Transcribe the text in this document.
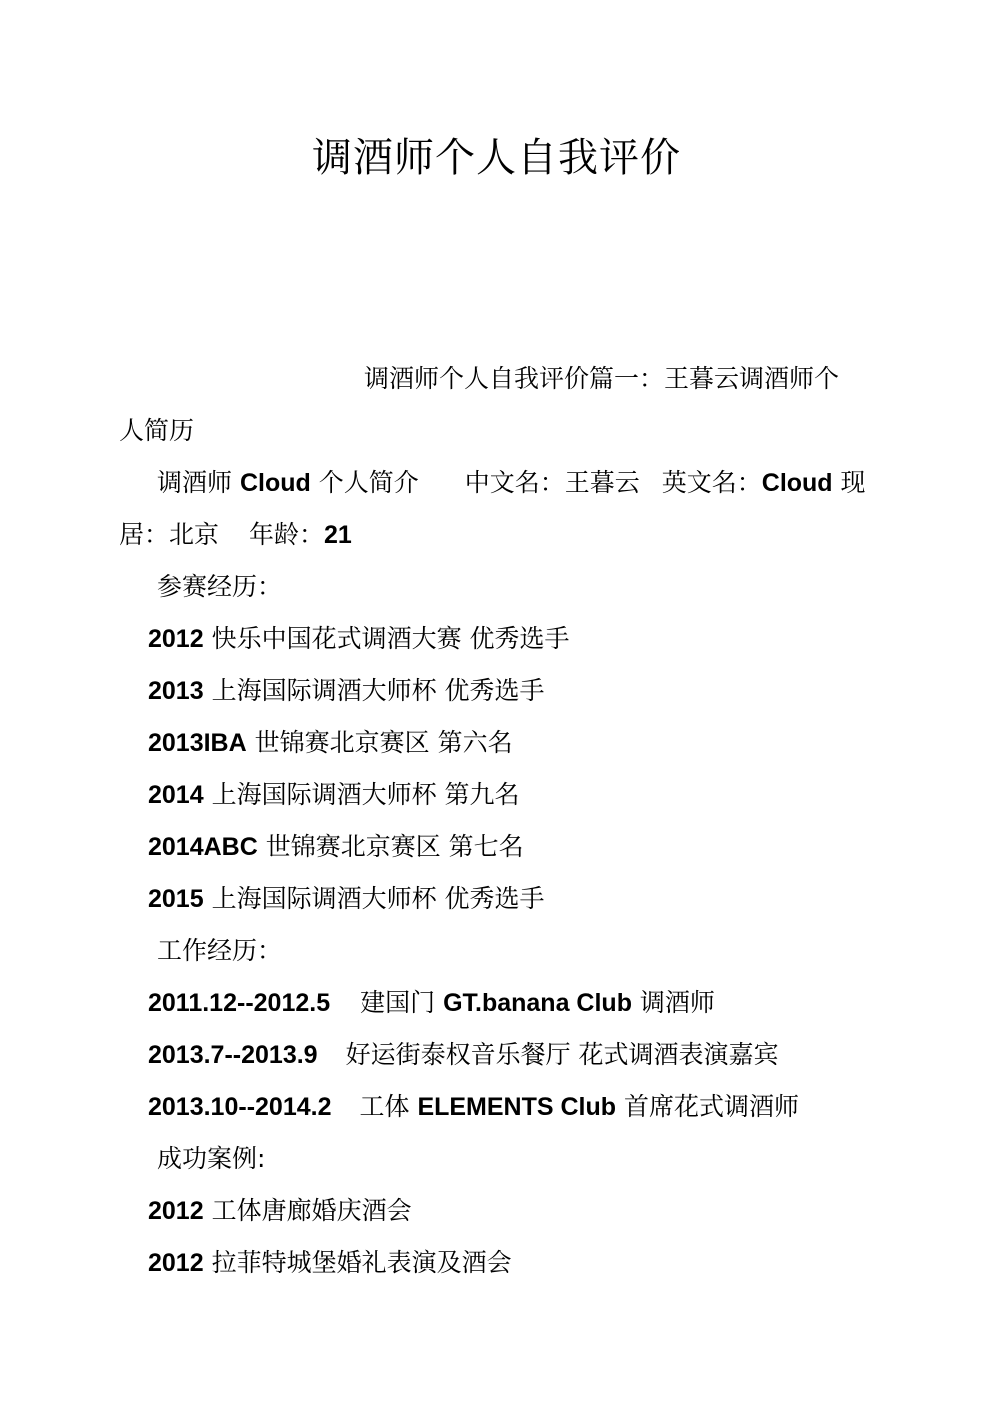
调酒师个人自我评价
调酒师个人自我评价篇一：王暮云调酒师个
人简历
调酒师 Cloud 个人简介 中文名：王暮云 英文名：Cloud 现
居：北京 年龄：21
参赛经历：
2012 快乐中国花式调酒大赛 优秀选手
2013 上海国际调酒大师杯 优秀选手
2013IBA 世锦赛北京赛区 第六名
2014 上海国际调酒大师杯 第九名
2014ABC 世锦赛北京赛区 第七名
2015 上海国际调酒大师杯 优秀选手
工作经历：
2011.12--2012.5 建国门 GT.banana Club 调酒师
2013.7--2013.9 好运街泰权音乐餐厅 花式调酒表演嘉宾
2013.10--2014.2 工体 ELEMENTS Club 首席花式调酒师
成功案例:
2012 工体唐廊婚庆酒会
2012 拉菲特城堡婚礼表演及酒会
